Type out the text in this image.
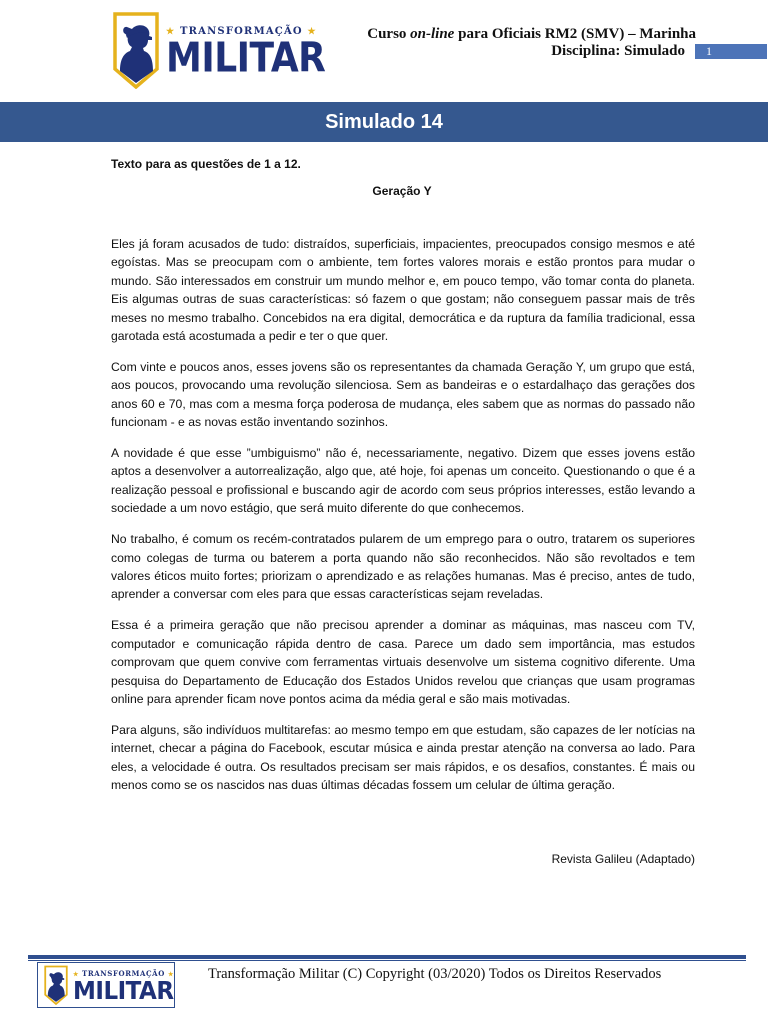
★ TRANSFORMAÇÃO ★
MILITAR
Curso on-line para Oficiais RM2 (SMV) – Marinha
Disciplina: Simulado	1
Simulado 14
Texto para as questões de 1 a 12.
Geração Y

Eles já foram acusados de tudo: distraídos, superficiais, impacientes, preocupados consigo mesmos e até egoístas. Mas se preocupam com o ambiente, tem fortes valores morais e estão prontos para mudar o mundo. São interessados em construir um mundo melhor e, em pouco tempo, vão tomar conta do planeta. Eis algumas outras de suas características: só fazem o que gostam; não conseguem passar mais de três meses no mesmo trabalho. Concebidos na era digital, democrática e da ruptura da família tradicional, essa garotada está acostumada a pedir e ter o que quer.

Com vinte e poucos anos, esses jovens são os representantes da chamada Geração Y, um grupo que está, aos poucos, provocando uma revolução silenciosa. Sem as bandeiras e o estardalhaço das gerações dos anos 60 e 70, mas com a mesma força poderosa de mudança, eles sabem que as normas do passado não funcionam - e as novas estão inventando sozinhos.

A novidade é que esse ”umbiguismo” não é, necessariamente, negativo. Dizem que esses jovens estão aptos a desenvolver a autorrealização, algo que, até hoje, foi apenas um conceito. Questionando o que é a realização pessoal e profissional e buscando agir de acordo com seus próprios interesses, estão levando a sociedade a um novo estágio, que será muito diferente do que conhecemos.

No trabalho, é comum os recém-contratados pularem de um emprego para o outro, tratarem os superiores como colegas de turma ou baterem a porta quando não são reconhecidos. Não são revoltados e tem valores éticos muito fortes; priorizam o aprendizado e as relações humanas. Mas é preciso, antes de tudo, aprender a conversar com eles para que essas características sejam reveladas.

Essa é a primeira geração que não precisou aprender a dominar as máquinas, mas nasceu com TV, computador e comunicação rápida dentro de casa. Parece um dado sem importância, mas estudos comprovam que quem convive com ferramentas virtuais desenvolve um sistema cognitivo diferente. Uma pesquisa do Departamento de Educação dos Estados Unidos revelou que crianças que usam programas online para aprender ficam nove pontos acima da média geral e são mais motivadas.

Para alguns, são indivíduos multitarefas: ao mesmo tempo em que estudam, são capazes de ler notícias na internet, checar a página do Facebook, escutar música e ainda prestar atenção na conversa ao lado. Para eles, a velocidade é outra. Os resultados precisam ser mais rápidos, e os desafios, constantes. É mais ou menos como se os nascidos nas duas últimas décadas fossem um celular de última geração.

Revista Galileu (Adaptado)
★ TRANSFORMAÇÃO ★
MILITAR
Transformação Militar (C) Copyright (03/2020) Todos os Direitos Reservados
